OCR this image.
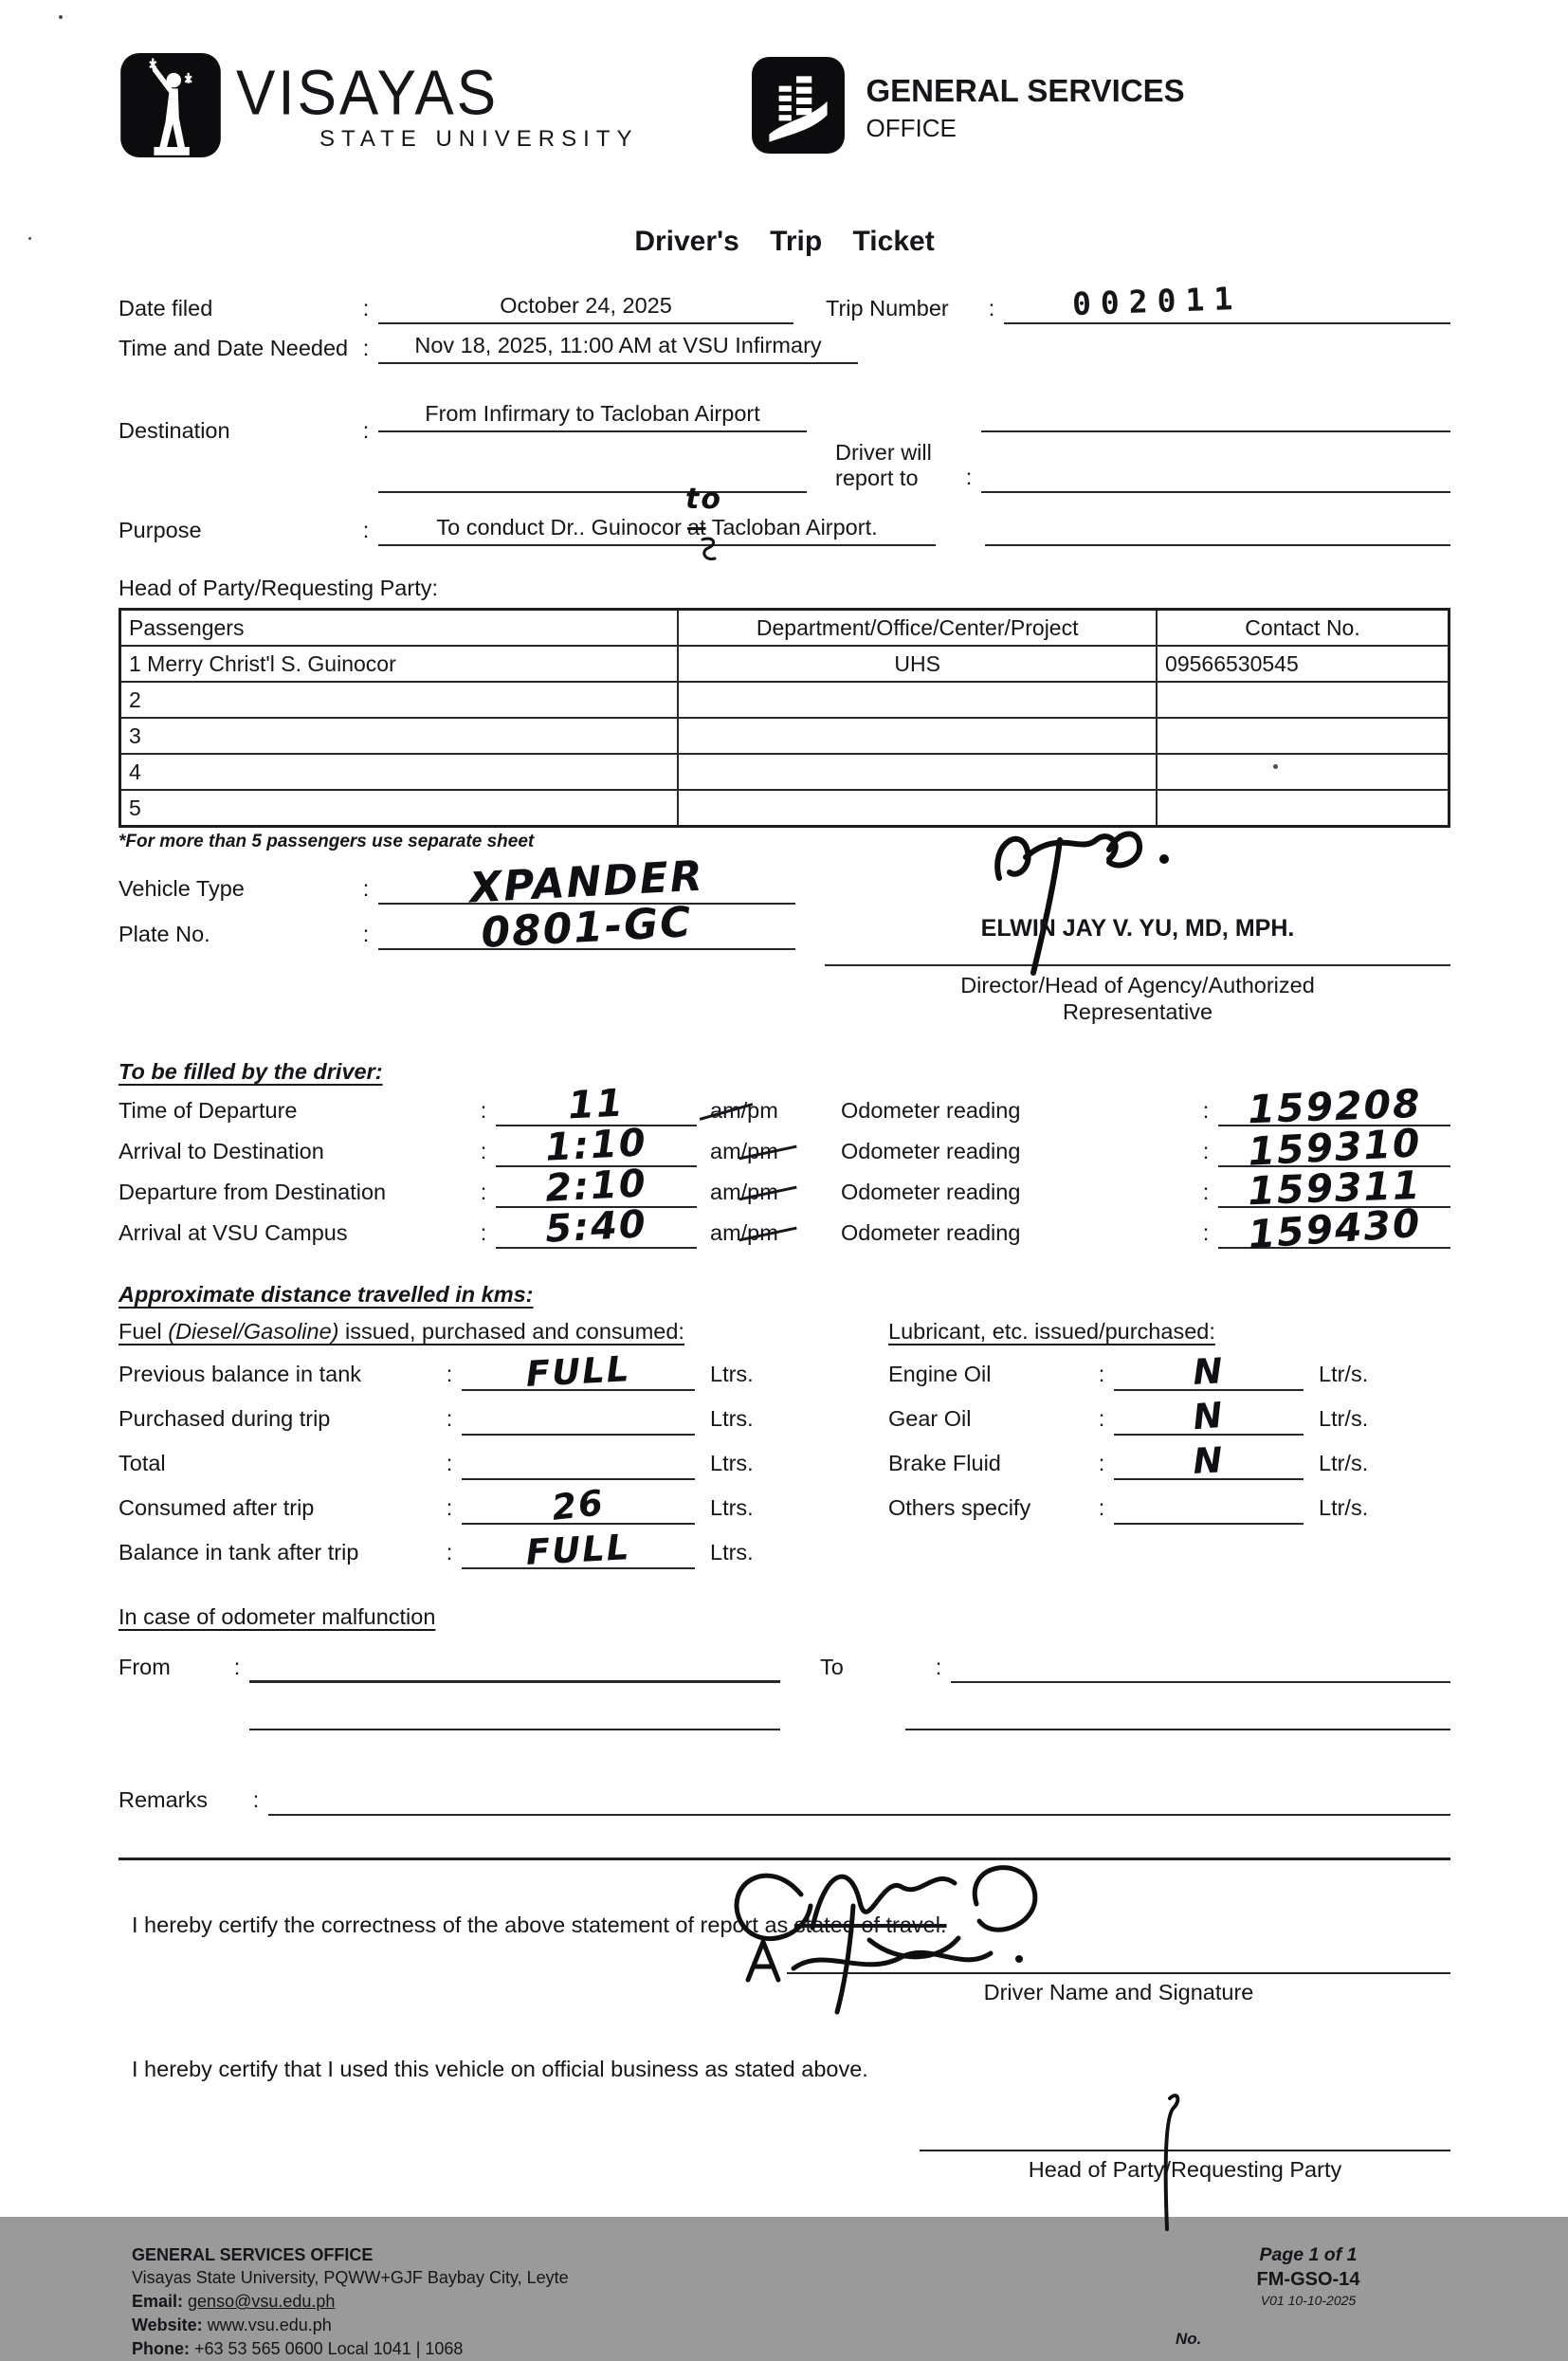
VISAYAS
STATE UNIVERSITY
GENERAL SERVICES
OFFICE
Driver's Trip Ticket
Date filed	:	October 24, 2025	Trip Number	: 002011
Time and Date Needed :	Nov 18, 2025, 11:00 AM at VSU Infirmary
Destination	:
From Infirmary to Tacloban Airport
Driver will
report to	:
Purpose	:	To conduct Dr.. Guinocor at
to
Tacloban Airport.
Head of Party/Requesting Party:
Passengers	Department/Office/Center/Project	Contact No.
1 Merry Christ'l S. Guinocor	UHS	09566530545
2		
3		
4		
5		
*For more than 5 passengers use separate sheet
Vehicle Type	: XPANDER
Plate No.	:	0801-GC	ELWIN JAY V. YU, MD, MPH.
Director/Head of Agency/Authorized
Representative
To be filled by the driver:
Time of Departure	: 11	am/pm	Odometer reading	: 159208
Arrival to Destination	: 1:10	am/pm	Odometer reading	: 159310
Departure from Destination	: 2:10	am/pm	Odometer reading	: 159311
Arrival at VSU Campus	: 5:40	am/pm	Odometer reading	: 159430
Approximate distance travelled in kms:
Fuel (Diesel/Gasoline) issued, purchased and consumed:
Previous balance in tank	: FULL	Ltrs.
Purchased during trip	:	Ltrs.
Total	:	Ltrs.
Consumed after trip	:	26	Ltrs.
Balance in tank after trip	: FULL	Ltrs.
Lubricant, etc. issued/purchased:
Engine Oil	: N	Ltr/s.
Gear Oil	: N	Ltr/s.
Brake Fluid	: N	Ltr/s.
Others specify	:	Ltr/s.
In case of odometer malfunction
From	:	To	:
Remarks	:
I hereby certify the correctness of the above statement of report as stated of travel.
Driver Name and Signature
I hereby certify that I used this vehicle on official business as stated above.
Head of Party/Requesting Party
GENERAL SERVICES OFFICE
Visayas State University, PQWW+GJF Baybay City, Leyte
Email: genso@vsu.edu.ph
Website: www.vsu.edu.ph
Phone: +63 53 565 0600 Local 1041 | 1068
Page 1 of 1
FM-GSO-14
V01 10-10-2025
No.
